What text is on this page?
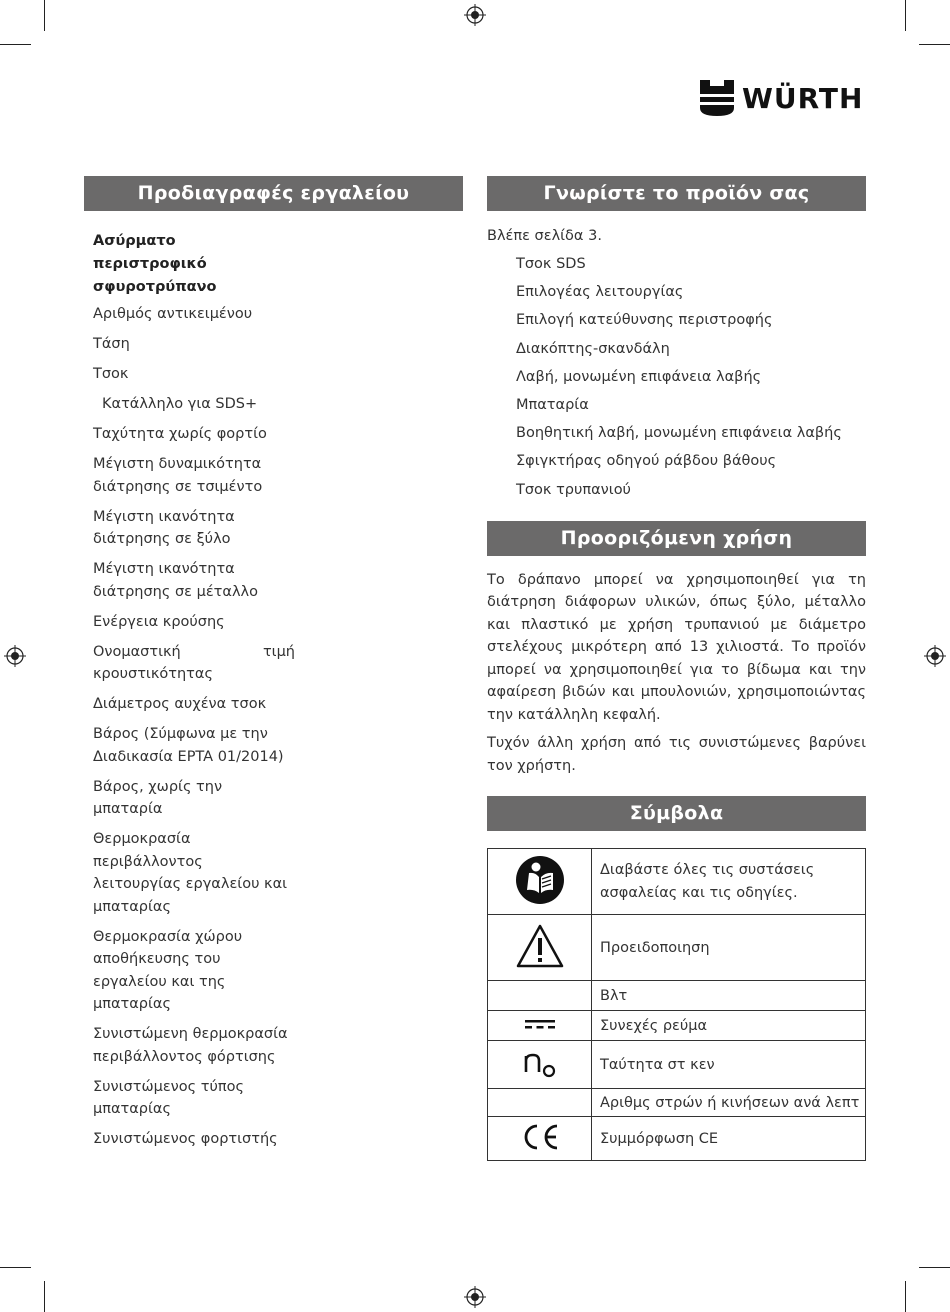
WÜRTH
Προδιαγραφές εργαλείου
Ασύρματο περιστροφικό σφυροτρύπανο
Αριθμός αντικειμένου
Τάση
Τσοκ
Κατάλληλο για SDS+
Ταχύτητα χωρίς φορτίο
Μέγιστη δυναμικότητα διάτρησης σε τσιμέντο
Μέγιστη ικανότητα διάτρησης σε ξύλο
Μέγιστη ικανότητα διάτρησης σε μέταλλο
Ενέργεια κρούσης
Ονομαστική	τιμή
κρουστικότητας
Διάμετρος αυχένα τσοκ
Βάρος (Σύμφωνα με την Διαδικασία EPTA 01/2014)
Βάρος, χωρίς την μπαταρία
Θερμοκρασία περιβάλλοντος λειτουργίας εργαλείου και μπαταρίας
Θερμοκρασία χώρου αποθήκευσης του εργαλείου και της μπαταρίας
Συνιστώμενη θερμοκρασία περιβάλλοντος φόρτισης
Συνιστώμενος τύπος μπαταρίας
Συνιστώμενος φορτιστής
Γνωρίστε το προϊόν σας
Βλέπε σελίδα 3.
Τσοκ SDS
Επιλογέας λειτουργίας
Επιλογή κατεύθυνσης περιστροφής
Διακόπτης-σκανδάλη
Λαβή, μονωμένη επιφάνεια λαβής
Μπαταρία
Βοηθητική λαβή, μονωμένη επιφάνεια λαβής
Σφιγκτήρας οδηγού ράβδου βάθους
Τσοκ τρυπανιού
Προοριζόμενη χρήση

Το δράπανο μπορεί να χρησιμοποιηθεί για τη διάτρηση διάφορων υλικών, όπως ξύλο, μέταλλο και πλαστικό με χρήση τρυπανιού με διάμετρο στελέχους μικρότερη από 13 χιλιοστά. Το προϊόν μπορεί να χρησιμοποιηθεί για το βίδωμα και την αφαίρεση βιδών και μπουλονιών, χρησιμοποιώντας την κατάλληλη κεφαλή.

Τυχόν άλλη χρήση από τις συνιστώμενες βαρύνει τον χρήστη.

Σύμβολα
	Διαβάστε όλες τις συστάσεις ασφαλείας και τις οδηγίες.
	Προειδοποιηση
	Βλτ
	Συνεχές ρεύμα
	Ταύτητα στ κεν
	Αριθμς στρών ή κινήσεων ανά λεπτ
	Συμμόρφωση CE
